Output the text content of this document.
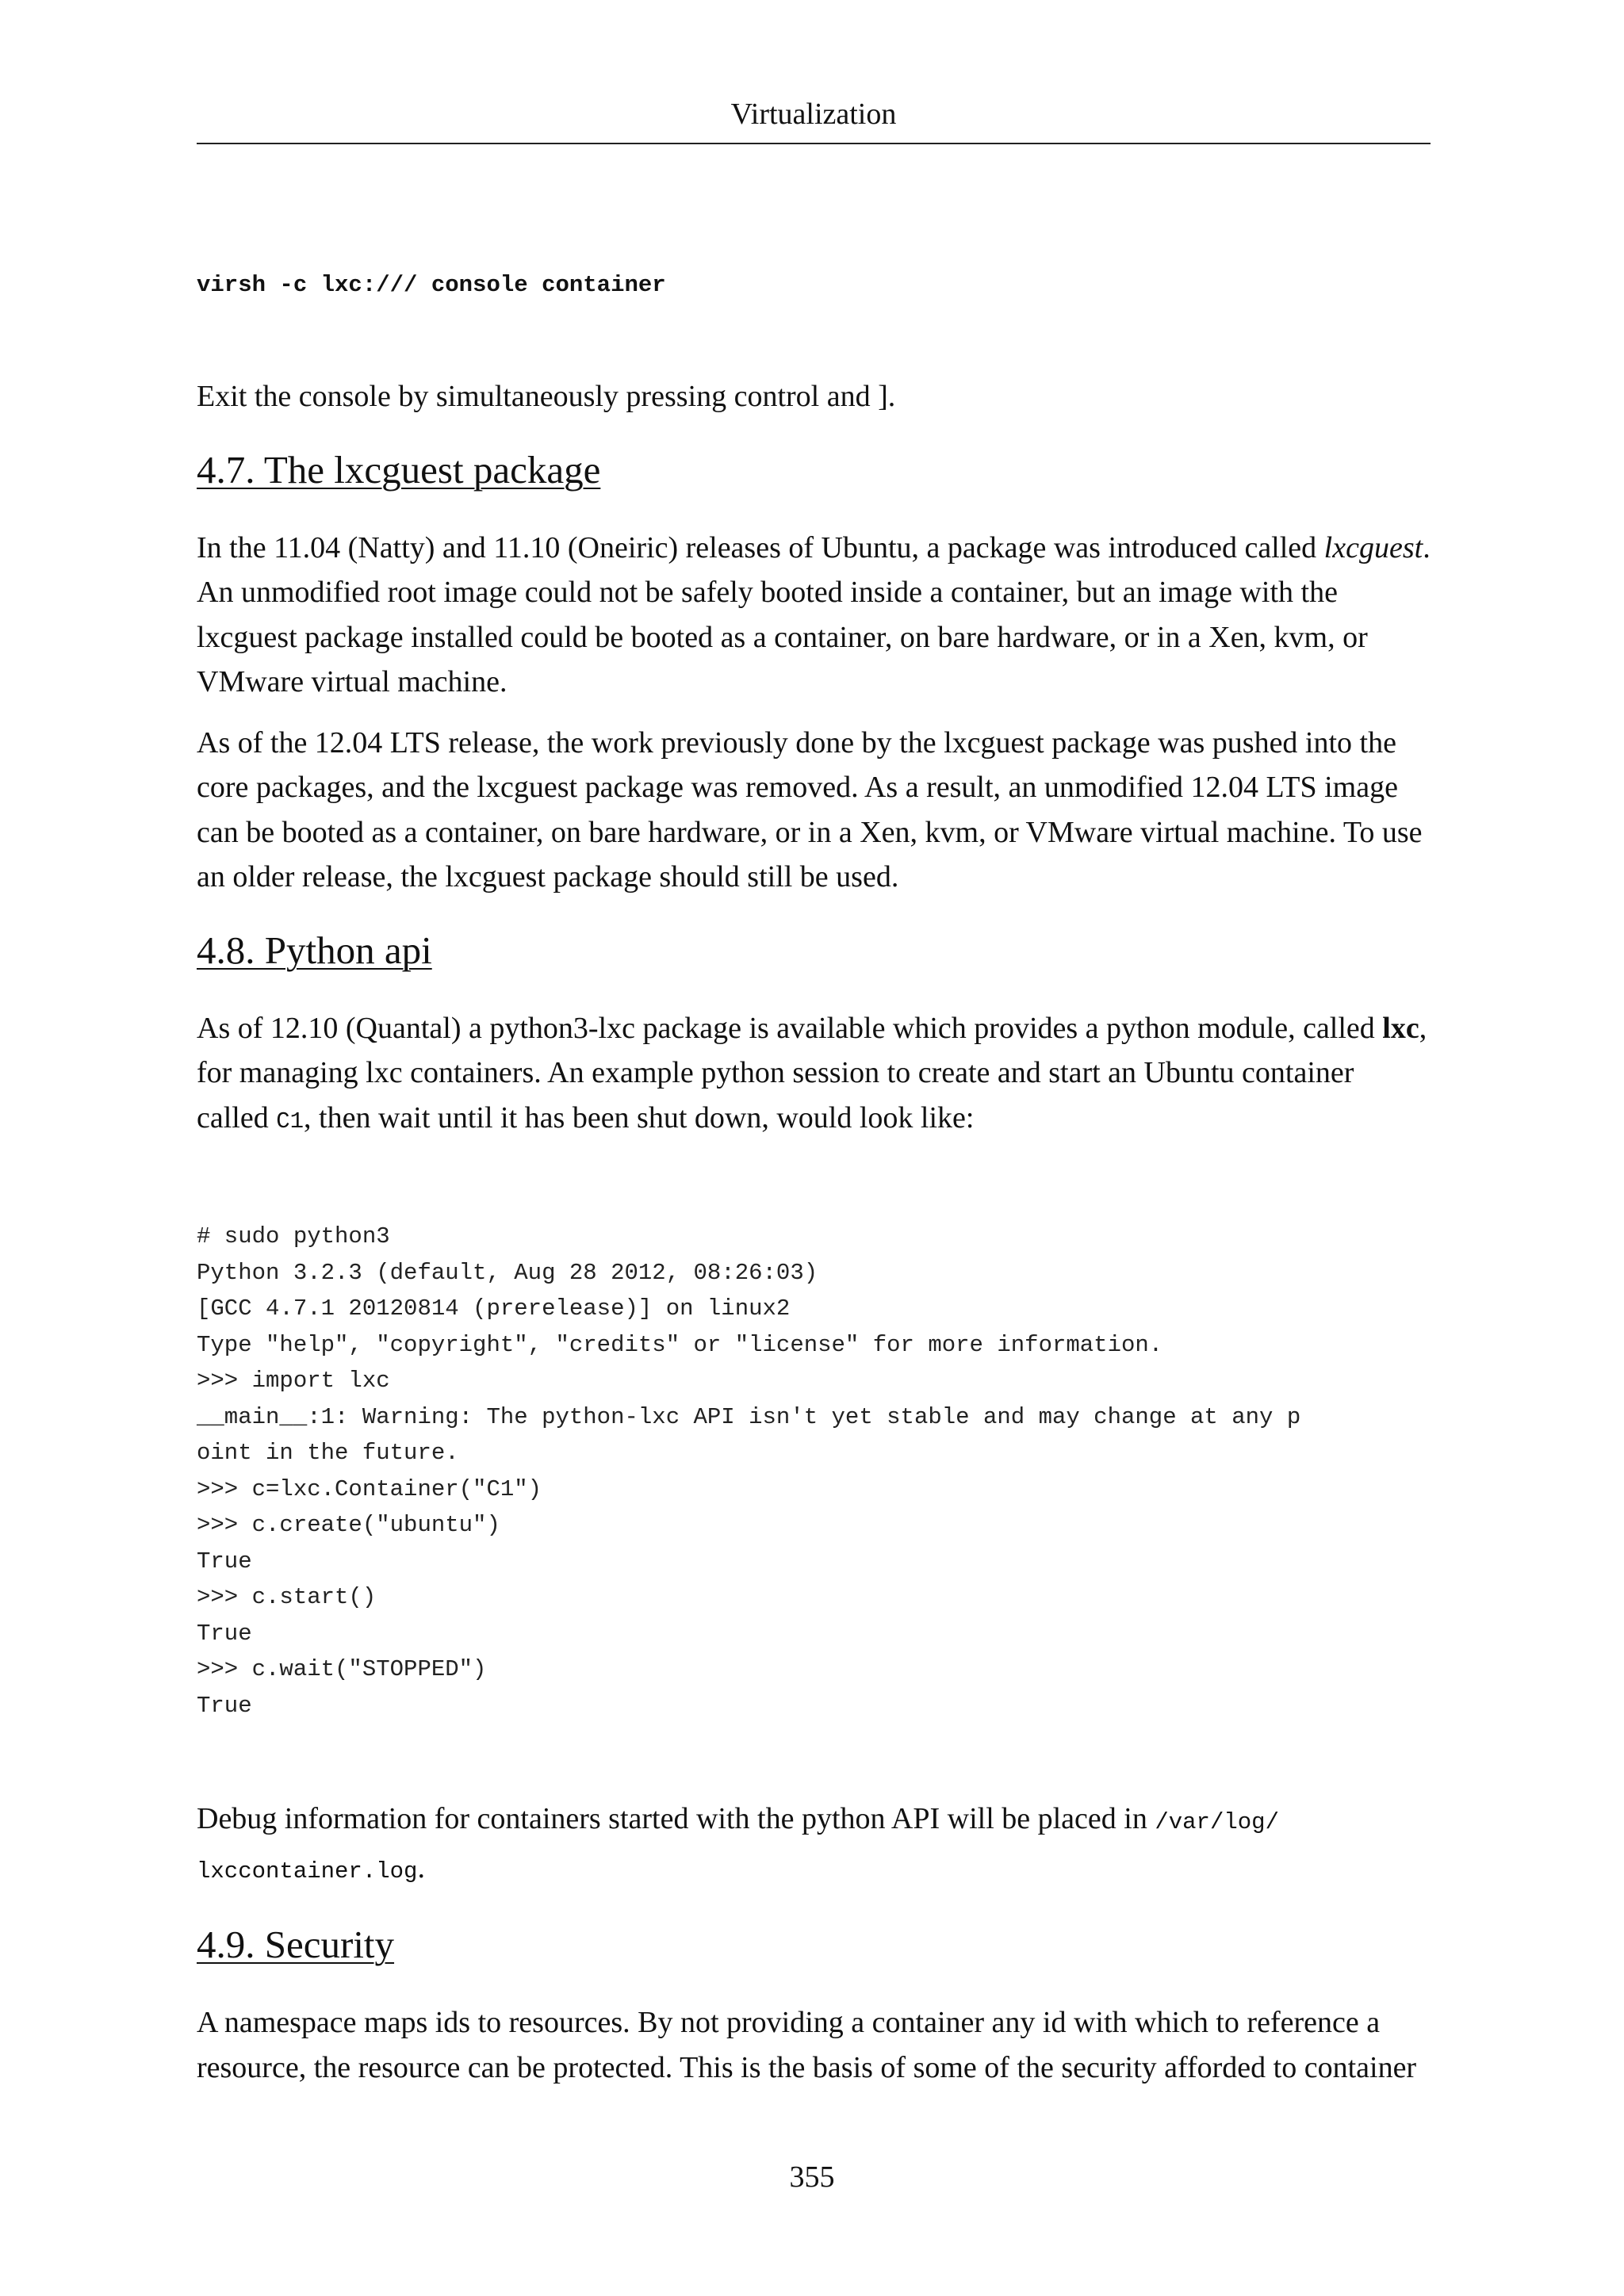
Virtualization
virsh -c lxc:/// console container

Exit the console by simultaneously pressing control and ].

4.7. The lxcguest package

In the 11.04 (Natty) and 11.10 (Oneiric) releases of Ubuntu, a package was introduced called lxcguest. An unmodified root image could not be safely booted inside a container, but an image with the lxcguest package installed could be booted as a container, on bare hardware, or in a Xen, kvm, or VMware virtual machine.

As of the 12.04 LTS release, the work previously done by the lxcguest package was pushed into the core packages, and the lxcguest package was removed. As a result, an unmodified 12.04 LTS image can be booted as a container, on bare hardware, or in a Xen, kvm, or VMware virtual machine. To use an older release, the lxcguest package should still be used.

4.8. Python api

As of 12.10 (Quantal) a python3-lxc package is available which provides a python module, called lxc, for managing lxc containers. An example python session to create and start an Ubuntu container called C1, then wait until it has been shut down, would look like:

# sudo python3
Python 3.2.3 (default, Aug 28 2012, 08:26:03)
[GCC 4.7.1 20120814 (prerelease)] on linux2
Type "help", "copyright", "credits" or "license" for more information.
>>> import lxc
__main__:1: Warning: The python-lxc API isn't yet stable and may change at any p
oint in the future.
>>> c=lxc.Container("C1")
>>> c.create("ubuntu")
True
>>> c.start()
True
>>> c.wait("STOPPED")
True

Debug information for containers started with the python API will be placed in /var/log/
lxccontainer.log.

4.9. Security

A namespace maps ids to resources. By not providing a container any id with which to reference a resource, the resource can be protected. This is the basis of some of the security afforded to container

355
